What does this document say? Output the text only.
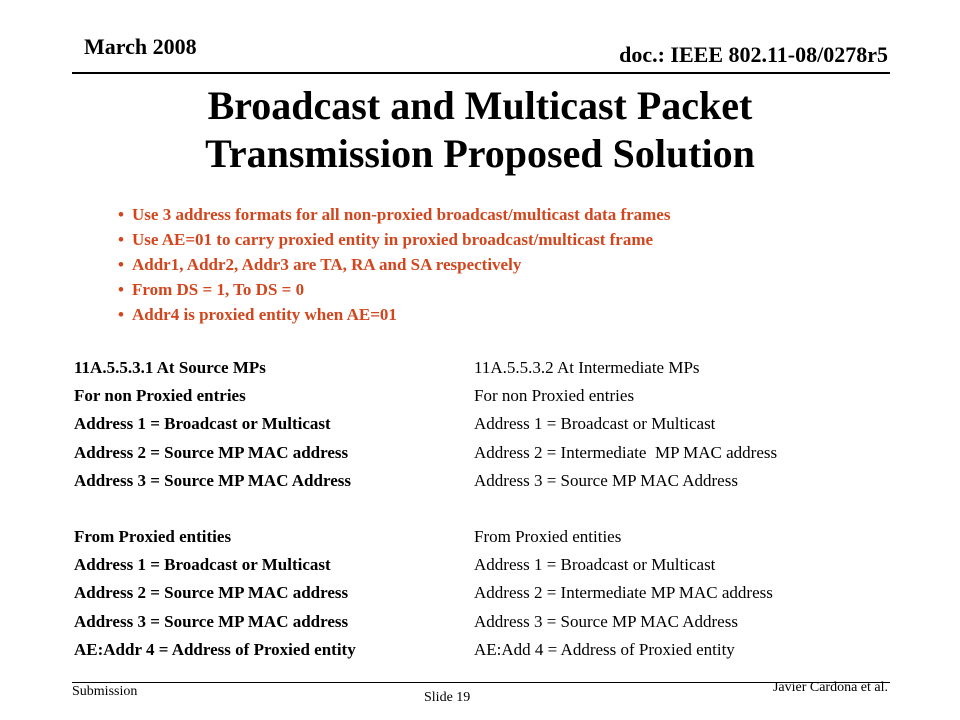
March 2008	doc.: IEEE 802.11-08/0278r5
Broadcast and Multicast Packet
Transmission Proposed Solution
• Use 3 address formats for all non-proxied broadcast/multicast data frames
• Use AE=01 to carry proxied entity in proxied broadcast/multicast frame
• Addr1, Addr2, Addr3 are TA, RA and SA respectively
• From DS = 1, To DS = 0
• Addr4 is proxied entity when AE=01
11A.5.5.3.1 At Source MPs
For non Proxied entries
Address 1 = Broadcast or Multicast
Address 2 = Source MP MAC address
Address 3 = Source MP MAC Address
From Proxied entities
Address 1 = Broadcast or Multicast
Address 2 = Source MP MAC address
Address 3 = Source MP MAC address
AE:Addr 4 = Address of Proxied entity
11A.5.5.3.2 At Intermediate MPs
For non Proxied entries
Address 1 = Broadcast or Multicast
Address 2 = Intermediate  MP MAC address
Address 3 = Source MP MAC Address
From Proxied entities
Address 1 = Broadcast or Multicast
Address 2 = Intermediate MP MAC address
Address 3 = Source MP MAC Address
AE:Add 4 = Address of Proxied entity
Submission	Slide 19
Javier Cardona et al.
